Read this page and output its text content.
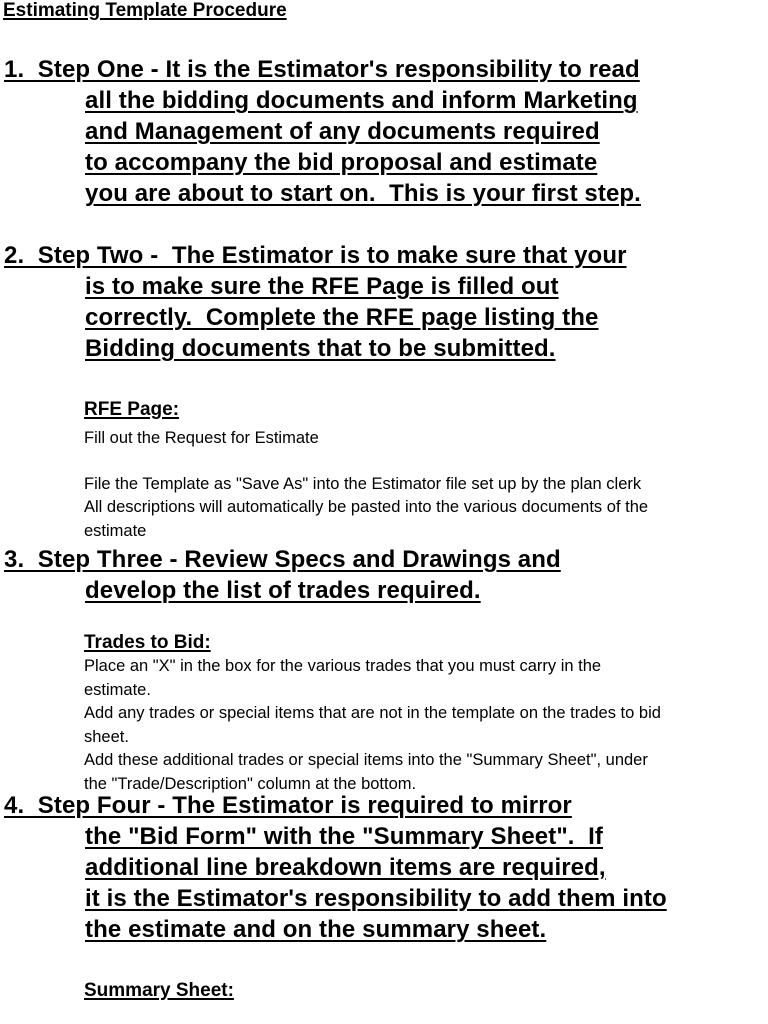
Estimating Template Procedure
1.  Step One - It is the Estimator's responsibility to read
all the bidding documents and inform Marketing
and Management of any documents required
to accompany the bid proposal and estimate
you are about to start on.  This is your first step.
2.  Step Two -  The Estimator is to make sure that your
is to make sure the RFE Page is filled out
correctly.  Complete the RFE page listing the
Bidding documents that to be submitted.
RFE Page:
Fill out the Request for Estimate
File the Template as "Save As" into the Estimator file set up by the plan clerk
All descriptions will automatically be pasted into the various documents of the
estimate
3.  Step Three - Review Specs and Drawings and
develop the list of trades required.
Trades to Bid:
Place an "X" in the box for the various trades that you must carry in the
estimate.
Add any trades or special items that are not in the template on the trades to bid
sheet.
Add these additional trades or special items into the "Summary Sheet", under
the "Trade/Description" column at the bottom.
4.  Step Four - The Estimator is required to mirror
the "Bid Form" with the "Summary Sheet".  If
additional line breakdown items are required,
it is the Estimator's responsibility to add them into
the estimate and on the summary sheet.
Summary Sheet:
